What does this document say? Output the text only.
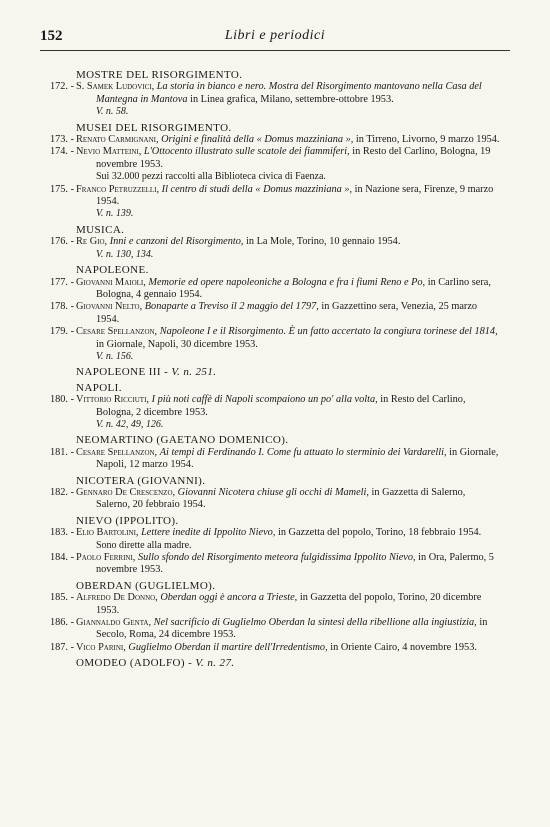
152	Libri e periodici
MOSTRE DEL RISORGIMENTO.
172. - S. Samek Ludovici, La storia in bianco e nero. Mostra del Risorgimento mantovano nella Casa del Mantegna in Mantova in Linea grafica, Milano, settembre-ottobre 1953.
V. n. 58.
MUSEI DEL RISORGIMENTO.
173. - Renato Carmignani, Origini e finalità della « Domus mazziniana », in Tirreno, Livorno, 9 marzo 1954.
174. - Nevio Matteini, L'Ottocento illustrato sulle scatole dei fiammiferi, in Resto del Carlino, Bologna, 19 novembre 1953.
Sui 32.000 pezzi raccolti alla Biblioteca civica di Faenza.
175. - Franco Petruzzelli, Il centro di studi della « Domus mazziniana », in Nazione sera, Firenze, 9 marzo 1954.
V. n. 139.
MUSICA.
176. - Re Gio, Inni e canzoni del Risorgimento, in La Mole, Torino, 10 gennaio 1954.
V. n. 130, 134.
NAPOLEONE.
177. - Giovanni Maioli, Memorie ed opere napoleoniche a Bologna e fra i fiumi Reno e Po, in Carlino sera, Bologna, 4 gennaio 1954.
178. - Giovanni Nelto, Bonaparte a Treviso il 2 maggio del 1797, in Gazzettino sera, Venezia, 25 marzo 1954.
179. - Cesare Spellanzon, Napoleone I e il Risorgimento. È un fatto accertato la congiura torinese del 1814, in Giornale, Napoli, 30 dicembre 1953.
V. n. 156.
NAPOLEONE III - V. n. 251.
NAPOLI.
180. - Vittorio Ricciuti, I più noti caffè di Napoli scompaiono un po' alla volta, in Resto del Carlino, Bologna, 2 dicembre 1953.
V. n. 42, 49, 126.
NEOMARTINO (GAETANO DOMENICO).
181. - Cesare Spellanzon, Ai tempi di Ferdinando I. Come fu attuato lo sterminio dei Vardarelli, in Giornale, Napoli, 12 marzo 1954.
NICOTERA (GIOVANNI).
182. - Gennaro De Crescenzo, Giovanni Nicotera chiuse gli occhi di Mameli, in Gazzetta di Salerno, Salerno, 20 febbraio 1954.
NIEVO (IPPOLITO).
183. - Elio Bartolini, Lettere inedite di Ippolito Nievo, in Gazzetta del popolo, Torino, 18 febbraio 1954.
Sono dirette alla madre.
184. - Paolo Ferrini, Sullo sfondo del Risorgimento meteora fulgidissima Ippolito Nievo, in Ora, Palermo, 5 novembre 1953.
OBERDAN (GUGLIELMO).
185. - Alfredo De Donno, Oberdan oggi è ancora a Trieste, in Gazzetta del popolo, Torino, 20 dicembre 1953.
186. - Giannaldo Genta, Nel sacrificio di Guglielmo Oberdan la sintesi della ribellione alla ingiustizia, in Secolo, Roma, 24 dicembre 1953.
187. - Vico Parini, Guglielmo Oberdan il martire dell'Irredentismo, in Oriente Cairo, 4 novembre 1953.
OMODEO (ADOLFO) - V. n. 27.
